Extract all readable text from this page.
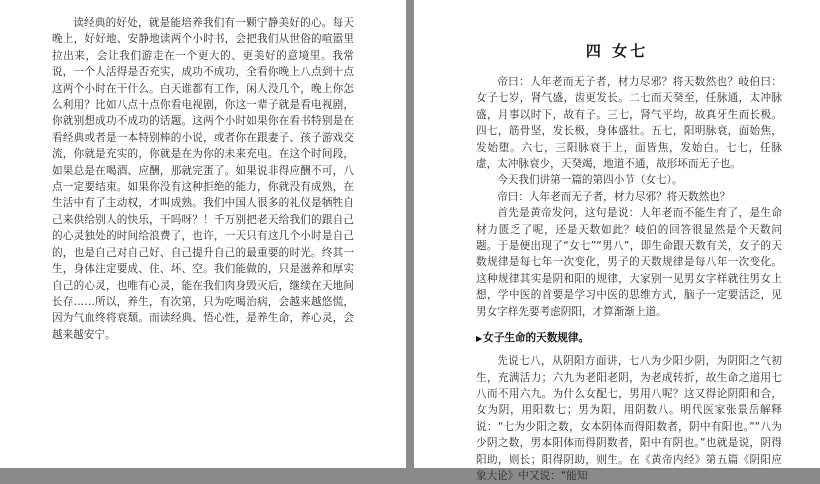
读经典的好处，就是能培养我们有一颗宁静美好的心。每天晚上，好好地、安静地读两个小时书，会把我们从世俗的喧嚣里拉出来，会让我们游走在一个更大的、更美好的意境里。我常说，一个人活得是否充实，成功不成功，全看你晚上八点到十点这两个小时在干什么。白天谁都有工作，闲人没几个，晚上你怎么利用？比如八点十点你看电视剧，你这一辈子就是看电视剧，你就别想成功不成功的话题。这两个小时如果你在看书特别是在看经典或者是一本特别棒的小说，或者你在跟妻子、孩子游戏交流，你就是充实的，你就是在为你的未来充电。在这个时间段，如果总是在喝酒、应酬，那就完蛋了。如果说非得应酬不可，八点一定要结束。如果你没有这种拒绝的能力，你就没有成熟，在生活中有了主动权，才叫成熟。我们中国人很多的礼仪是牺牲自己来供给别人的快乐，干吗呀？！千万别把老天给我们的跟自己的心灵独处的时间给浪费了，也许，一天只有这几个小时是自己的，也是自己对自己好、自己提升自己的最重要的时光。终其一生，身体注定要成、住、坏、空。我们能做的，只是滋养和厚实自己的心灵，也唯有心灵，能在我们肉身毁灭后，继续在天地间长存……所以，养生，有次第，只为吃喝治病，会越来越悠慌，因为气血终将衰颓。而读经典、悟心性，是养生命，养心灵，会越来越安宁。

四 女七

帝曰：人年老而无子者，材力尽邪？将天数然也？岐伯曰：女子七岁，肾气盛，齿更发长。二七而天癸至，任脉通，太冲脉盛，月事以时下，故有子。三七，肾气平均，故真牙生而长极。四七，筋骨坚，发长极，身体盛壮。五七，阳明脉衰，面始焦，发始堕。六七，三阳脉衰于上，面皆焦，发始白。七七，任脉虚，太冲脉衰少，天癸竭，地道不通，故形坏而无子也。

今天我们讲第一篇的第四小节（女七）。

帝曰：人年老而无子者，材力尽邪？将天数然也？

首先是黄帝发问，这句是说：人年老而不能生育了，是生命材力匮乏了呢，还是天数如此？岐伯的回答很显然是个天数问题。于是便出现了“女七”“男八”，即生命跟天数有关，女子的天数规律是每七年一次变化，男子的天数规律是每八年一次变化。这种规律其实是阴和阳的规律，大家别一见男女字样就往男女上想，学中医的首要是学习中医的思维方式，脑子一定要活泛，见男女字样先要考虑阴阳，才算渐渐上道。

▶女子生命的天数规律。

先说七八，从阴阳方面讲，七八为少阳少阴，为阴阳之气初生，充满活力；六九为老阳老阴，为老成转折，故生命之道用七八而不用六九。为什么女配七，男用八呢？这又得论阴阳和合，女为阴，用阳数七；男为阳，用阴数八。明代医家张景岳解释说：“七为少阳之数，女本阴体而得阳数者，阴中有阳也。”“八为少阴之数，男本阳体而得阴数者，阳中有阴也。”也就是说，阴得阳助，则长；阳得阴助，则生。在《黄帝内经》第五篇《阴阳应象大论》中又说：“能知
